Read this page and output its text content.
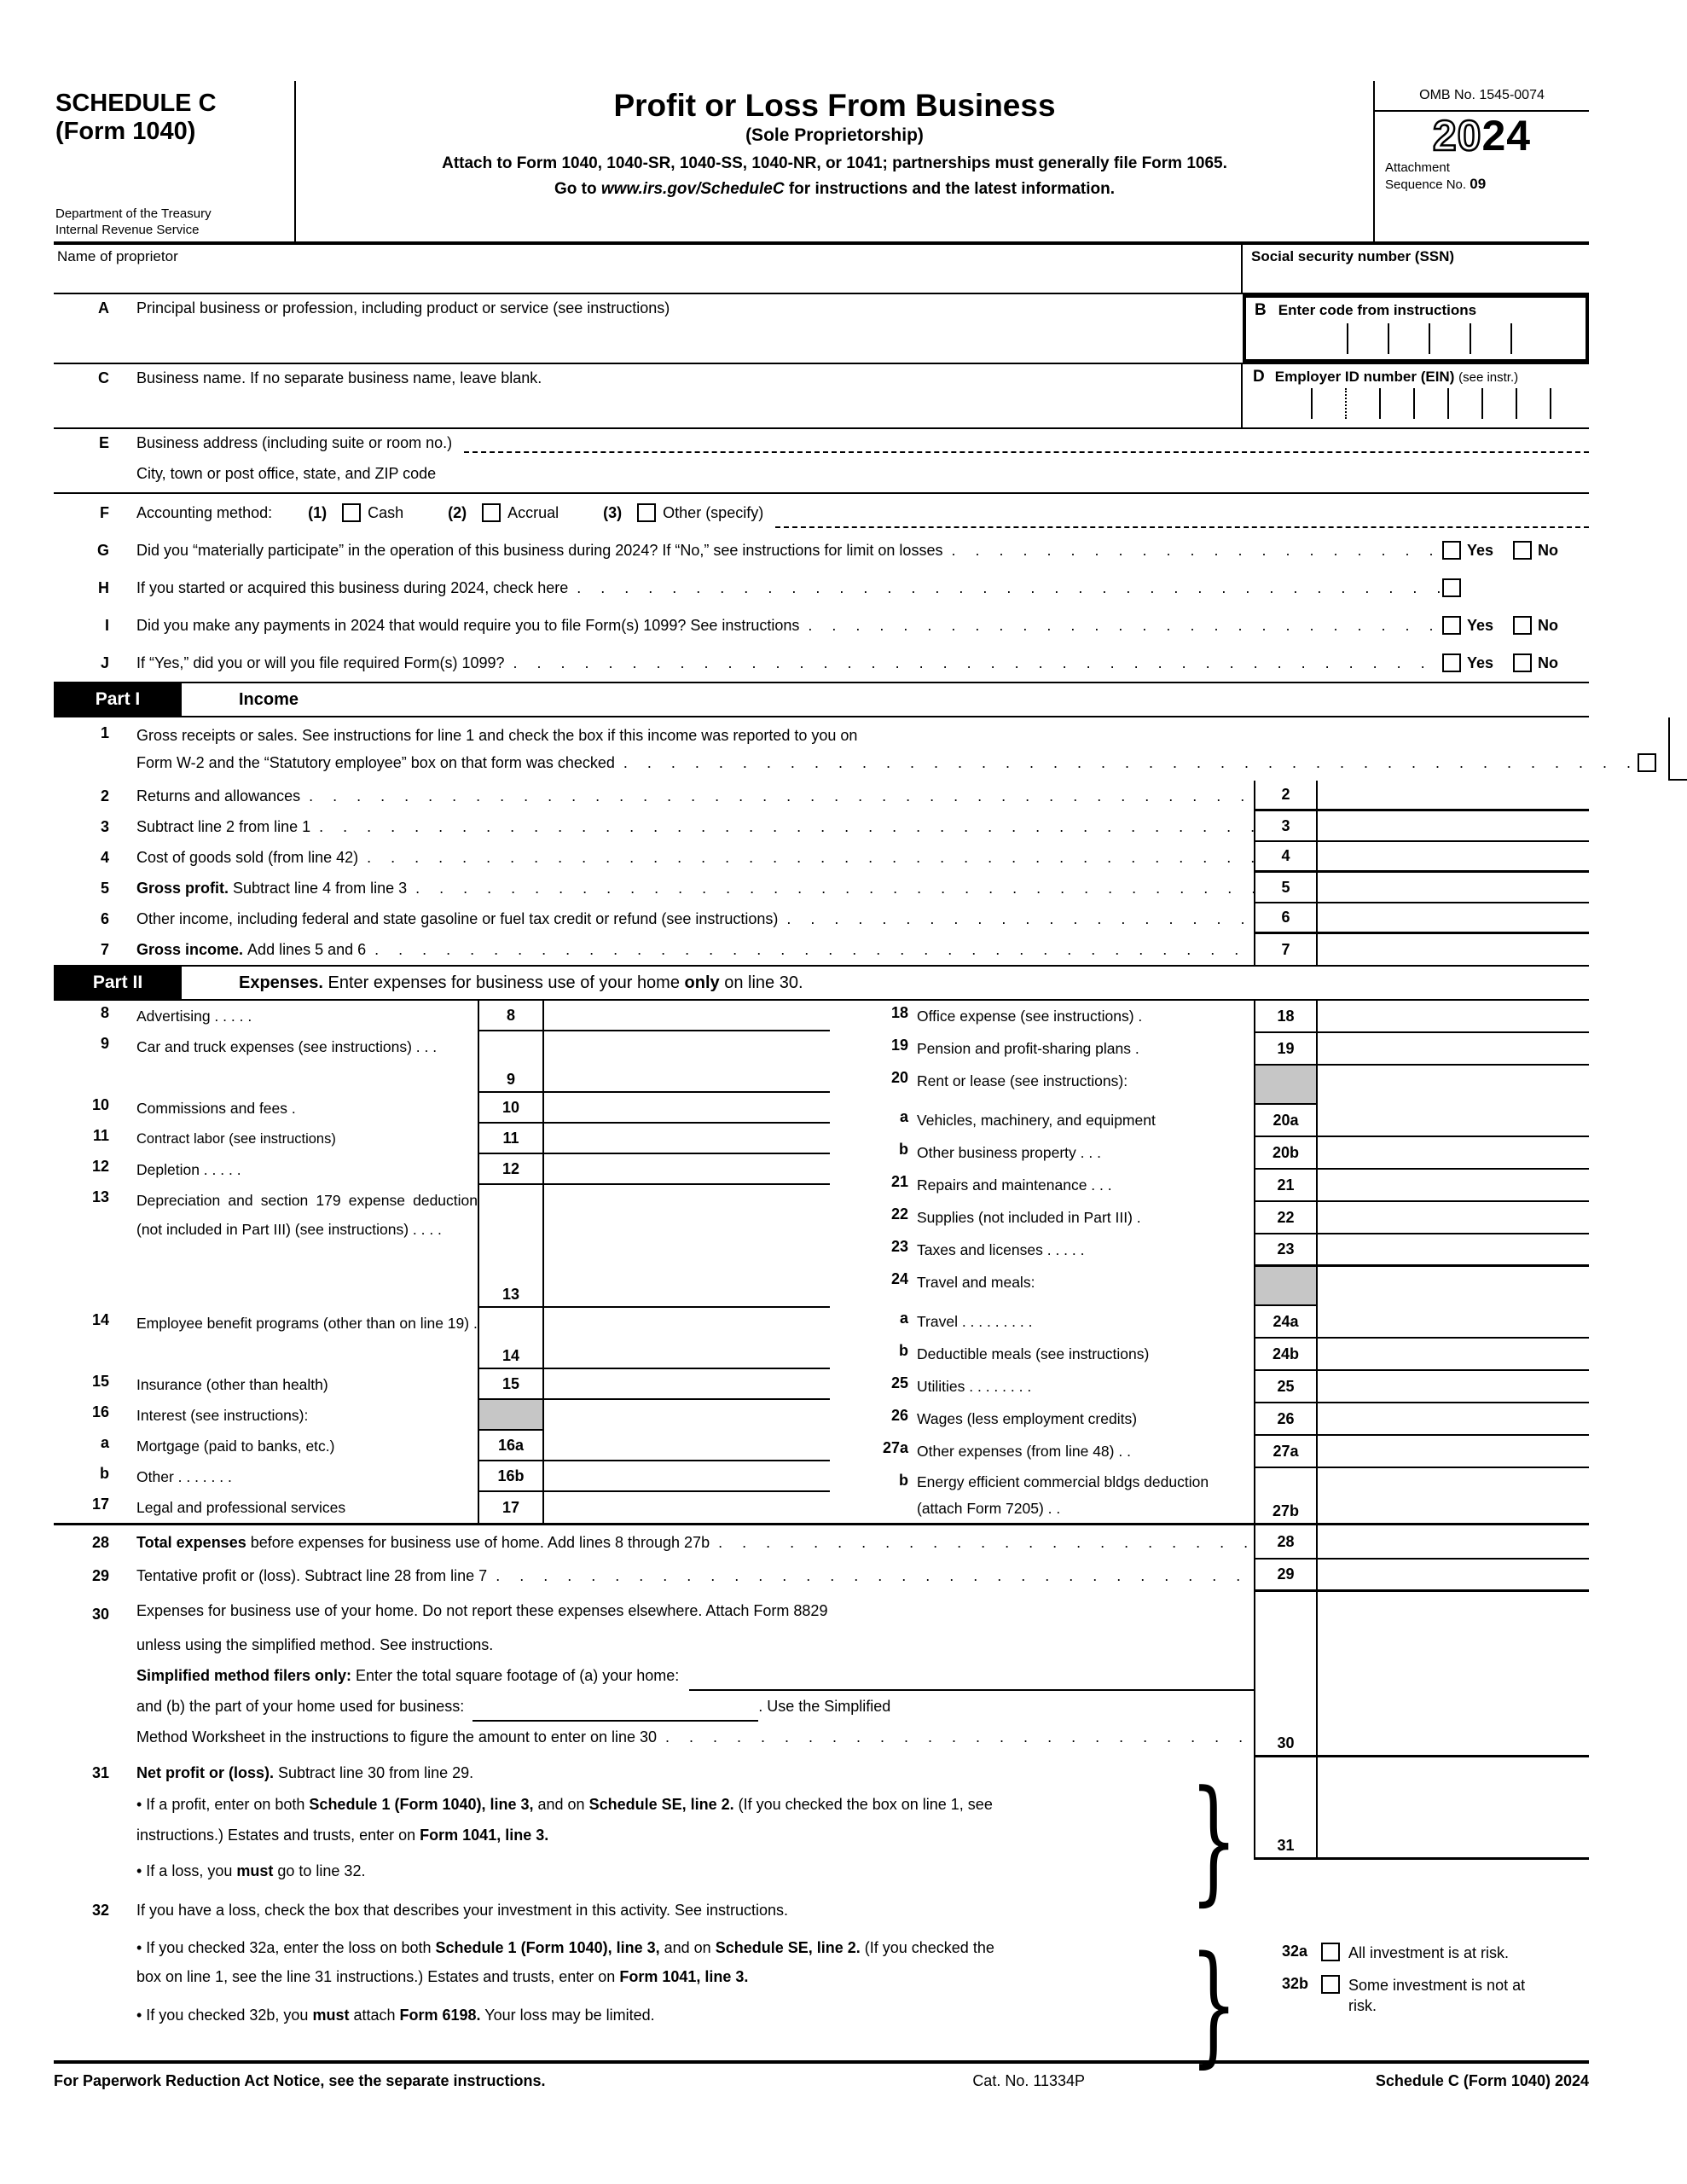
SCHEDULE C
(Form 1040)
Department of the Treasury
Internal Revenue Service
Profit or Loss From Business
(Sole Proprietorship)
Attach to Form 1040, 1040-SR, 1040-SS, 1040-NR, or 1041; partnerships must generally file Form 1065.
Go to www.irs.gov/ScheduleC for instructions and the latest information.
OMB No. 1545-0074
2024
Attachment
Sequence No. 09
Name of proprietor	Social security number (SSN)
A Principal business or profession, including product or service (see instructions)	B Enter code from instructions
C Business name. If no separate business name, leave blank.	D Employer ID number (EIN) (see instr.)
E Business address (including suite or room no.)
City, town or post office, state, and ZIP code
F Accounting method: (1)	Cash	(2)	Accrual	(3)	Other (specify)
G Did you “materially participate” in the operation of this business during 2024? If “No,” see instructions for limit on losses . . .	Yes	No
H If you started or acquired this business during 2024, check here
. . .
I Did you make any payments in 2024 that would require you to file Form(s) 1099? See instructions . . .	Yes	No
J If “Yes,” did you or will you file required Form(s) 1099? . . .	Yes	No
Part I	Income
1 Gross receipts or sales. See instructions for line 1 and check the box if this income was reported to you on
Form W-2 and the “Statutory employee” box on that form was checked
. . .
2 Returns and allowances . . .	2
3 Subtract line 2 from line 1 . . .	3
4 Cost of goods sold (from line 42) . . .	4
5 Gross profit. Subtract line 4 from line 3 . . .	5
6 Other income, including federal and state gasoline or fuel tax credit or refund (see instructions) . . .	6
7 Gross income. Add lines 5 and 6 . . .	7
Part II	Expenses. Enter expenses for business use of your home only on line 30.
8 Advertising . . . . .	8
9 Car and truck expenses (see instructions) . . .
9
10 Commissions and fees .	10
11 Contract labor (see instructions)	11
12 Depletion . . . . .	12
13 Depreciation and section 179 expense deduction (not included in Part III) (see instructions) . . . .
13
14 Employee benefit programs (other than on line 19) .
14
15 Insurance (other than health)	15
16 Interest (see instructions):
a Mortgage (paid to banks, etc.)	16a
b Other . . . . . . .	16b
17 Legal and professional services	17
18 Office expense (see instructions) .	18
19 Pension and profit-sharing plans .	19
20 Rent or lease (see instructions):
a Vehicles, machinery, and equipment	20a
b Other business property . . .	20b
21 Repairs and maintenance . . .	21
22 Supplies (not included in Part III) .	22
23 Taxes and licenses . . . . .	23
24 Travel and meals:
a Travel . . . . . . . . .	24a
b Deductible meals (see instructions)	24b
25 Utilities . . . . . . . .	25
26 Wages (less employment credits)	26
27a Other expenses (from line 48) . .	27a
b Energy efficient commercial bldgs deduction (attach Form 7205) . .	27b
28 Total expenses before expenses for business use of home. Add lines 8 through 27b . . .	28
29 Tentative profit or (loss). Subtract line 28 from line 7 . . .	29
30 Expenses for business use of your home. Do not report these expenses elsewhere. Attach Form 8829
unless using the simplified method. See instructions.
Simplified method filers only: Enter the total square footage of (a) your home:
and (b) the part of your home used for business:	. Use the Simplified
Method Worksheet in the instructions to figure the amount to enter on line 30 . . .	30
31 Net profit or (loss). Subtract line 30 from line 29.
• If a profit, enter on both Schedule 1 (Form 1040), line 3, and on Schedule SE, line 2. (If you checked the box on line 1, see instructions.) Estates and trusts, enter on Form 1041, line 3.
• If a loss, you must go to line 32.
31
}
32 If you have a loss, check the box that describes your investment in this activity. See instructions.
• If you checked 32a, enter the loss on both Schedule 1 (Form 1040), line 3, and on Schedule SE, line 2. (If you checked the box on line 1, see the line 31 instructions.) Estates and trusts, enter on Form 1041, line 3.
• If you checked 32b, you must attach Form 6198. Your loss may be limited.
32a	All investment is at risk.
32b	Some investment is not at risk.
}
For Paperwork Reduction Act Notice, see the separate instructions.	Cat. No. 11334P	Schedule C (Form 1040) 2024
